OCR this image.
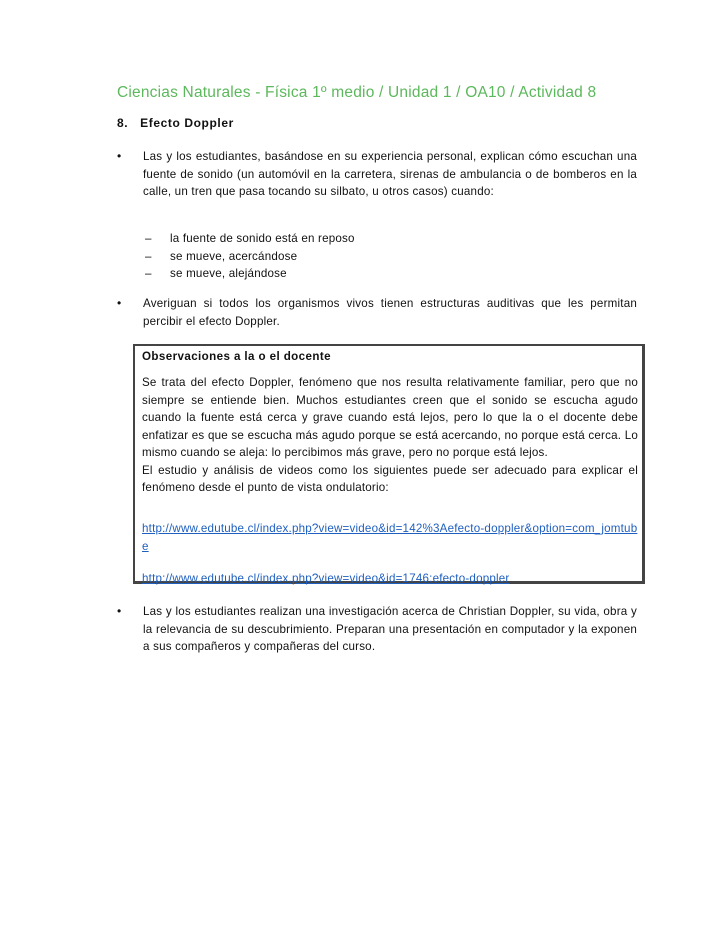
Ciencias Naturales - Física 1º medio / Unidad 1 / OA10 / Actividad 8
8. Efecto Doppler
• Las y los estudiantes, basándose en su experiencia personal, explican cómo escuchan una fuente de sonido (un automóvil en la carretera, sirenas de ambulancia o de bomberos en la calle, un tren que pasa tocando su silbato, u otros casos) cuando:
– la fuente de sonido está en reposo
– se mueve, acercándose
– se mueve, alejándose
• Averiguan si todos los organismos vivos tienen estructuras auditivas que les permitan percibir el efecto Doppler.
Observaciones a la o el docente

Se trata del efecto Doppler, fenómeno que nos resulta relativamente familiar, pero que no siempre se entiende bien. Muchos estudiantes creen que el sonido se escucha agudo cuando la fuente está cerca y grave cuando está lejos, pero lo que la o el docente debe enfatizar es que se escucha más agudo porque se está acercando, no porque está cerca. Lo mismo cuando se aleja: lo percibimos más grave, pero no porque está lejos.

El estudio y análisis de videos como los siguientes puede ser adecuado para explicar el fenómeno desde el punto de vista ondulatorio:

http://www.edutube.cl/index.php?view=video&id=142%3Aefecto-doppler&option=com_jomtube
http://www.edutube.cl/index.php?view=video&id=1746:efecto-doppler
• Las y los estudiantes realizan una investigación acerca de Christian Doppler, su vida, obra y la relevancia de su descubrimiento. Preparan una presentación en computador y la exponen a sus compañeros y compañeras del curso.
